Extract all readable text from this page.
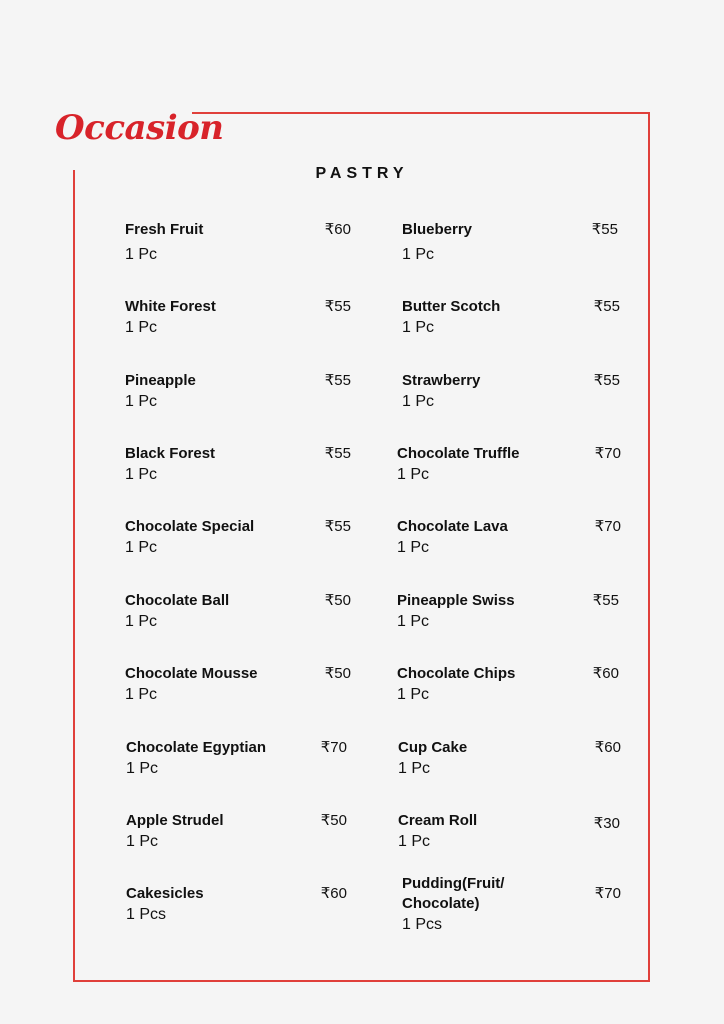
Occasion
PASTRY
Fresh Fruit	₹60
1 Pc
Blueberry	₹55
1 Pc
White Forest	₹55
1 Pc
Butter Scotch	₹55
1 Pc
Pineapple	₹55
1 Pc
Strawberry	₹55
1 Pc
Black Forest	₹55
1 Pc
Chocolate Truffle	₹70
1 Pc
Chocolate Special	₹55
1 Pc
Chocolate Lava	₹70
1 Pc
Chocolate Ball	₹50
1 Pc
Pineapple Swiss	₹55
1 Pc
Chocolate Mousse	₹50
1 Pc
Chocolate Chips	₹60
1 Pc
Chocolate Egyptian	₹70
1 Pc
Cup Cake	₹60
1 Pc
Apple Strudel	₹50
1 Pc
Cream Roll	₹30
1 Pc
Cakesicles	₹60
1 Pcs
Pudding(Fruit/ Chocolate)
₹70
1 Pcs
